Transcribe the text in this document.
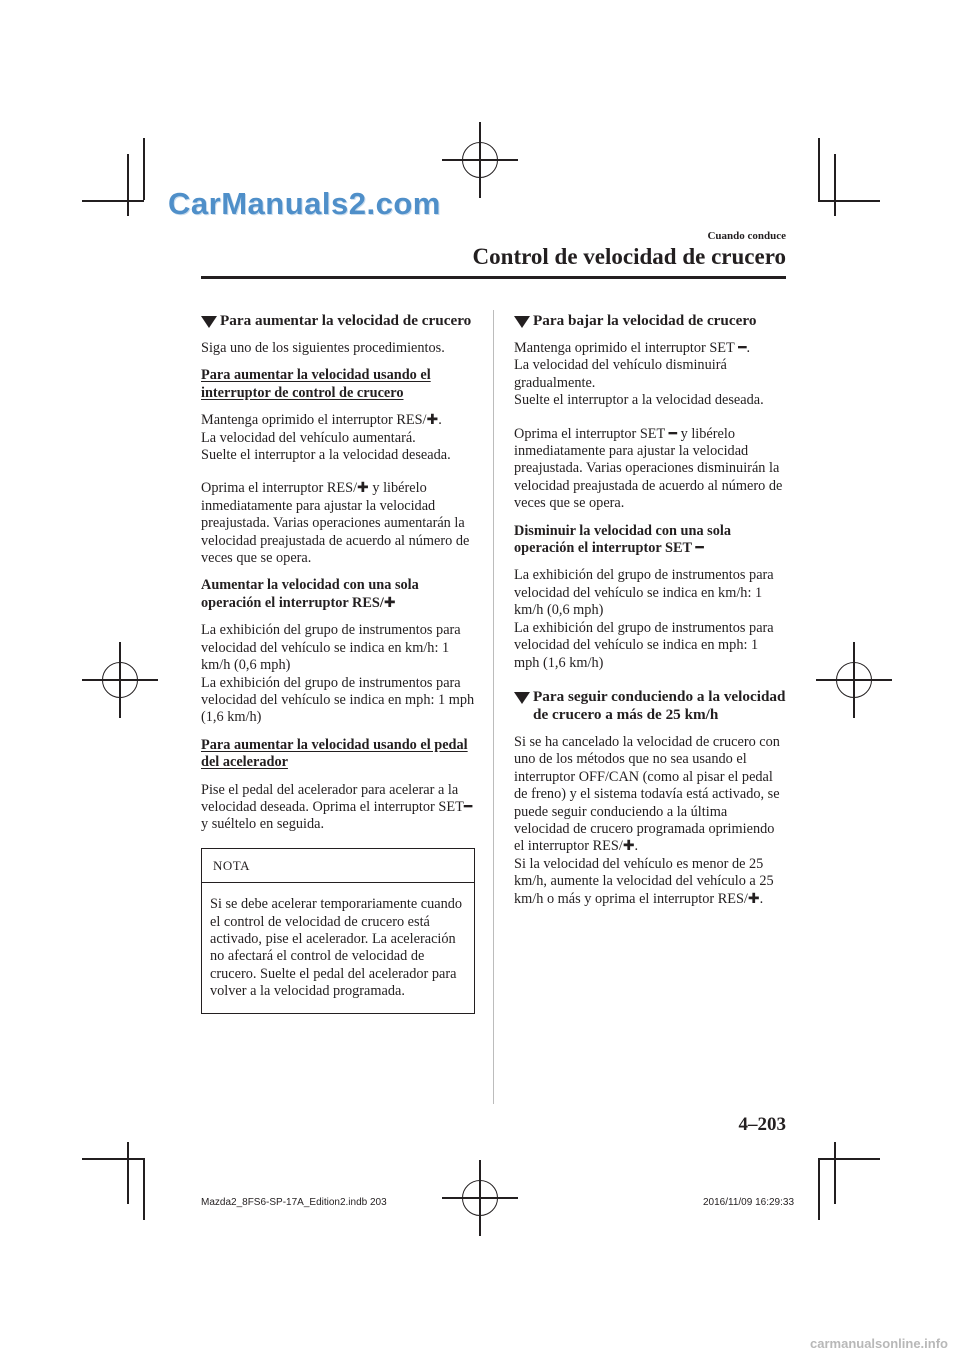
CarManuals2.com
Cuando conduce
Control de velocidad de crucero
Para aumentar la velocidad de crucero
Siga uno de los siguientes procedimientos.
Para aumentar la velocidad usando el interruptor de control de crucero
Mantenga oprimido el interruptor RES/✚.
La velocidad del vehículo aumentará.
Suelte el interruptor a la velocidad deseada.
Oprima el interruptor RES/✚ y libérelo inmediatamente para ajustar la velocidad preajustada. Varias operaciones aumentarán la velocidad preajustada de acuerdo al número de veces que se opera.
Aumentar la velocidad con una sola operación el interruptor RES/✚
La exhibición del grupo de instrumentos para velocidad del vehículo se indica en km/h: 1 km/h (0,6 mph)
La exhibición del grupo de instrumentos para velocidad del vehículo se indica en mph: 1 mph (1,6 km/h)
Para aumentar la velocidad usando el pedal del acelerador
Pise el pedal del acelerador para acelerar a la velocidad deseada. Oprima el interruptor SET━ y suéltelo en seguida.
NOTA
Si se debe acelerar temporariamente cuando el control de velocidad de crucero está activado, pise el acelerador. La aceleración no afectará el control de velocidad de crucero. Suelte el pedal del acelerador para volver a la velocidad programada.
Para bajar la velocidad de crucero
Mantenga oprimido el interruptor SET ━.
La velocidad del vehículo disminuirá gradualmente.
Suelte el interruptor a la velocidad deseada.
Oprima el interruptor SET ━ y libérelo inmediatamente para ajustar la velocidad preajustada. Varias operaciones disminuirán la velocidad preajustada de acuerdo al número de veces que se opera.
Disminuir la velocidad con una sola operación el interruptor SET ━
La exhibición del grupo de instrumentos para velocidad del vehículo se indica en km/h: 1 km/h (0,6 mph)
La exhibición del grupo de instrumentos para velocidad del vehículo se indica en mph: 1 mph (1,6 km/h)
Para seguir conduciendo a la velocidad de crucero a más de 25 km/h
Si se ha cancelado la velocidad de crucero con uno de los métodos que no sea usando el interruptor OFF/CAN (como al pisar el pedal de freno) y el sistema todavía está activado, se puede seguir conduciendo a la última velocidad de crucero programada oprimiendo el interruptor RES/✚.
Si la velocidad del vehículo es menor de 25 km/h, aumente la velocidad del vehículo a 25 km/h o más y oprima el interruptor RES/✚.
4–203
Mazda2_8FS6-SP-17A_Edition2.indb 203	2016/11/09 16:29:33
carmanualsonline.info
